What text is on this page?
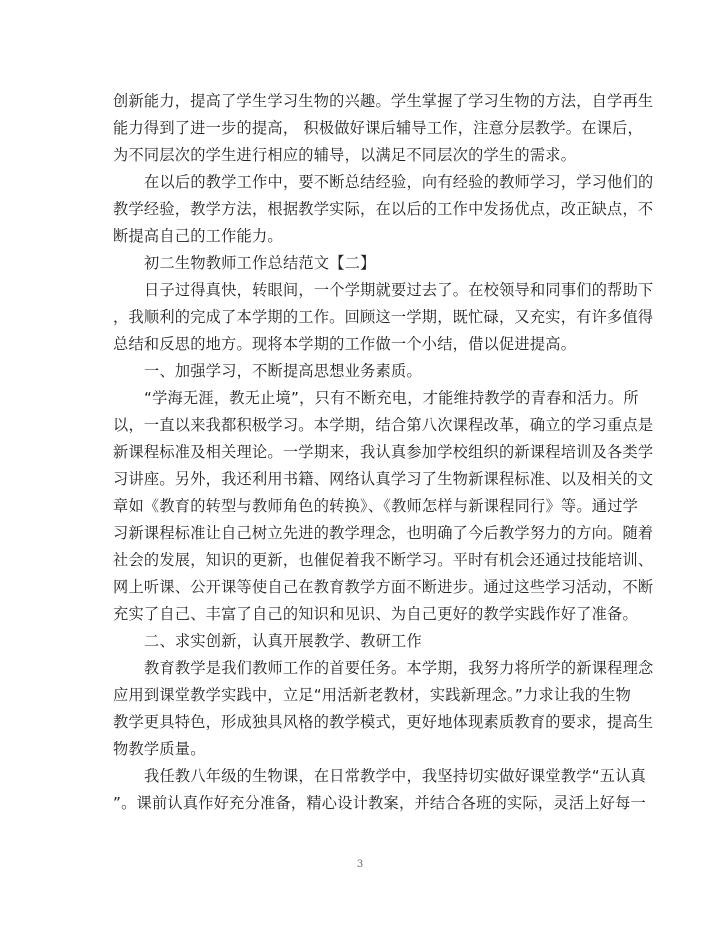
创新能力，提高了学生学习生物的兴趣。学生掌握了学习生物的方法，自学再生
能力得到了进一步的提高， 积极做好课后辅导工作，注意分层教学。在课后，
为不同层次的学生进行相应的辅导，以满足不同层次的学生的需求。
在以后的教学工作中，要不断总结经验，向有经验的教师学习，学习他们的
教学经验，教学方法，根据教学实际，在以后的工作中发扬优点，改正缺点，不
断提高自己的工作能力。
初二生物教师工作总结范文【二】
日子过得真快，转眼间，一个学期就要过去了。在校领导和同事们的帮助下
，我顺利的完成了本学期的工作。回顾这一学期，既忙碌，又充实，有许多值得
总结和反思的地方。现将本学期的工作做一个小结，借以促进提高。
一、加强学习，不断提高思想业务素质。
“学海无涯，教无止境”，只有不断充电，才能维持教学的青春和活力。所
以，一直以来我都积极学习。本学期，结合第八次课程改革，确立的学习重点是
新课程标准及相关理论。一学期来，我认真参加学校组织的新课程培训及各类学
习讲座。另外，我还利用书籍、网络认真学习了生物新课程标准、以及相关的文
章如《教育的转型与教师角色的转换》、《教师怎样与新课程同行》等。通过学
习新课程标准让自己树立先进的教学理念，也明确了今后教学努力的方向。随着
社会的发展，知识的更新，也催促着我不断学习。平时有机会还通过技能培训、
网上听课、公开课等使自己在教育教学方面不断进步。通过这些学习活动，不断
充实了自己、丰富了自己的知识和见识、为自己更好的教学实践作好了准备。
二、求实创新，认真开展教学、教研工作
教育教学是我们教师工作的首要任务。本学期，我努力将所学的新课程理念
应用到课堂教学实践中，立足“用活新老教材，实践新理念。”力求让我的生物
教学更具特色，形成独具风格的教学模式，更好地体现素质教育的要求，提高生
物教学质量。
我任教八年级的生物课，在日常教学中，我坚持切实做好课堂教学“五认真
”。课前认真作好充分准备，精心设计教案，并结合各班的实际，灵活上好每一
3
